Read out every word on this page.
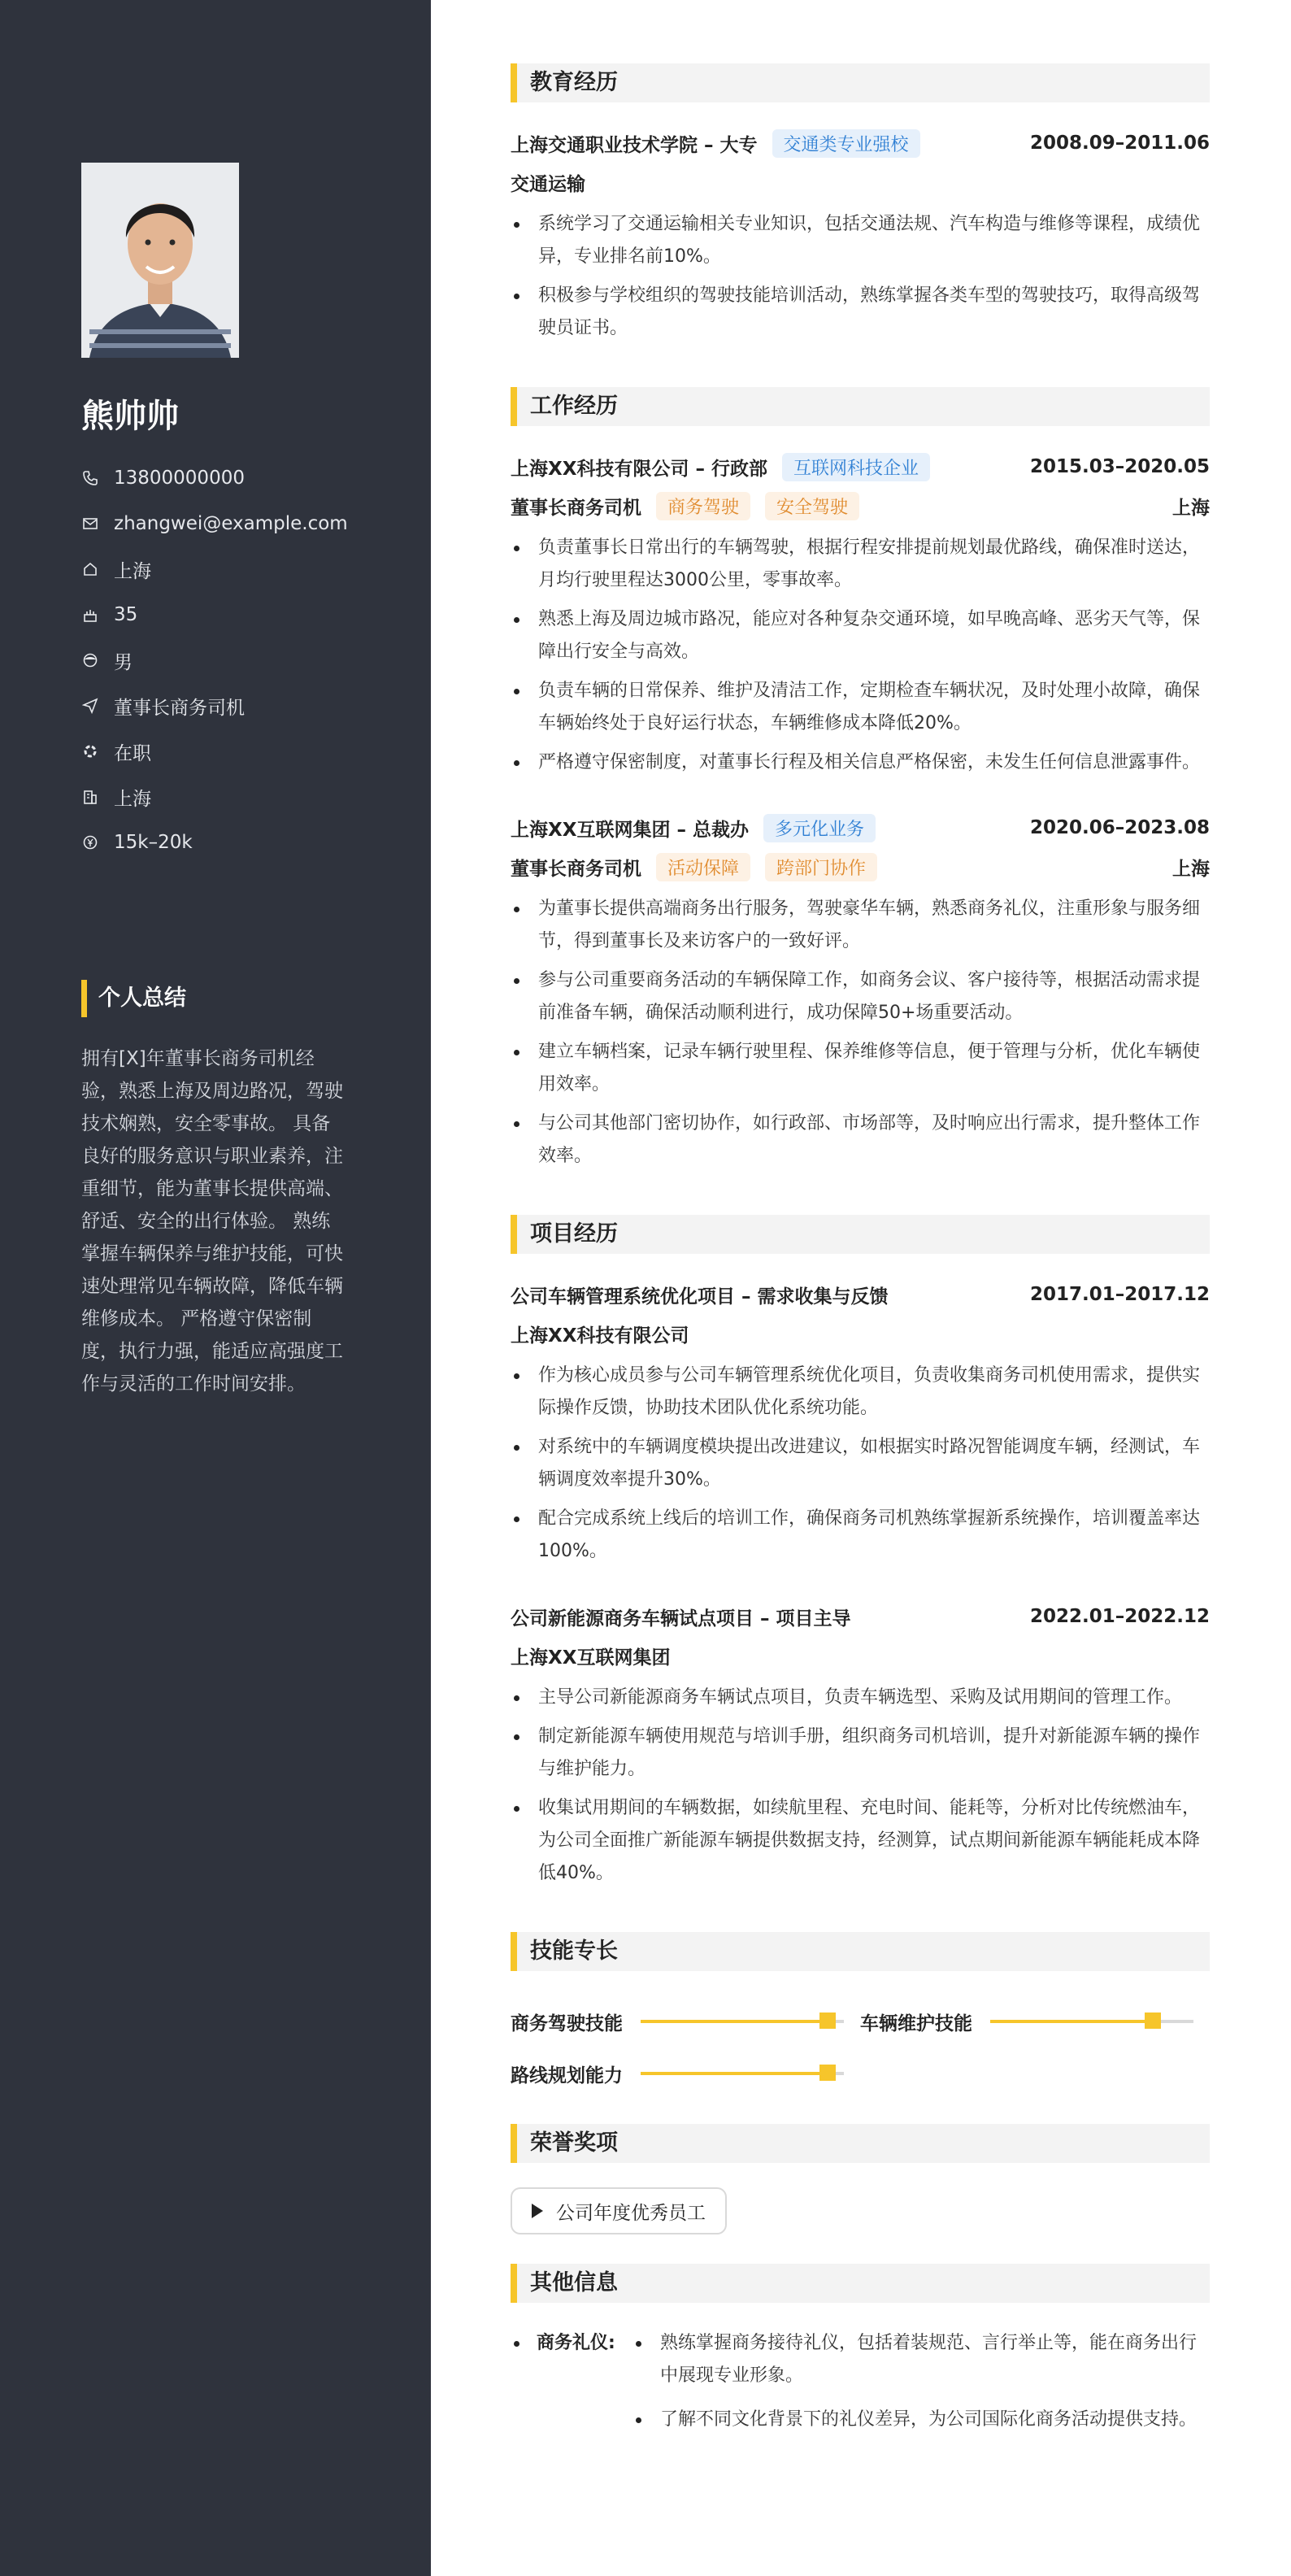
熊帅帅
13800000000
zhangwei@example.com
上海
35
男
董事长商务司机
在职
上海
15k–20k
个人总结
拥有[X]年董事长商务司机经验，熟悉上海及周边路况，驾驶技术娴熟，安全零事故。 具备良好的服务意识与职业素养，注重细节，能为董事长提供高端、舒适、安全的出行体验。 熟练掌握车辆保养与维护技能，可快速处理常见车辆故障，降低车辆维修成本。 严格遵守保密制度，执行力强，能适应高强度工作与灵活的工作时间安排。
教育经历
上海交通职业技术学院 – 大专	交通类专业强校	2008.09–2011.06
交通运输
系统学习了交通运输相关专业知识，包括交通法规、汽车构造与维修等课程，成绩优异，专业排名前10%。
积极参与学校组织的驾驶技能培训活动，熟练掌握各类车型的驾驶技巧，取得高级驾驶员证书。
工作经历
上海XX科技有限公司 – 行政部	互联网科技企业	2015.03–2020.05
董事长商务司机	商务驾驶	安全驾驶	上海
负责董事长日常出行的车辆驾驶，根据行程安排提前规划最优路线，确保准时送达，月均行驶里程达3000公里，零事故率。
熟悉上海及周边城市路况，能应对各种复杂交通环境，如早晚高峰、恶劣天气等，保障出行安全与高效。
负责车辆的日常保养、维护及清洁工作，定期检查车辆状况，及时处理小故障，确保车辆始终处于良好运行状态，车辆维修成本降低20%。
严格遵守保密制度，对董事长行程及相关信息严格保密，未发生任何信息泄露事件。
上海XX互联网集团 – 总裁办	多元化业务	2020.06–2023.08
董事长商务司机	活动保障	跨部门协作	上海
为董事长提供高端商务出行服务，驾驶豪华车辆，熟悉商务礼仪，注重形象与服务细节，得到董事长及来访客户的一致好评。
参与公司重要商务活动的车辆保障工作，如商务会议、客户接待等，根据活动需求提前准备车辆，确保活动顺利进行，成功保障50+场重要活动。
建立车辆档案，记录车辆行驶里程、保养维修等信息，便于管理与分析，优化车辆使用效率。
与公司其他部门密切协作，如行政部、市场部等，及时响应出行需求，提升整体工作效率。
项目经历
公司车辆管理系统优化项目 – 需求收集与反馈	2017.01–2017.12
上海XX科技有限公司
作为核心成员参与公司车辆管理系统优化项目，负责收集商务司机使用需求，提供实际操作反馈，协助技术团队优化系统功能。
对系统中的车辆调度模块提出改进建议，如根据实时路况智能调度车辆，经测试，车辆调度效率提升30%。
配合完成系统上线后的培训工作，确保商务司机熟练掌握新系统操作，培训覆盖率达100%。
公司新能源商务车辆试点项目 – 项目主导	2022.01–2022.12
上海XX互联网集团
主导公司新能源商务车辆试点项目，负责车辆选型、采购及试用期间的管理工作。
制定新能源车辆使用规范与培训手册，组织商务司机培训，提升对新能源车辆的操作与维护能力。
收集试用期间的车辆数据，如续航里程、充电时间、能耗等，分析对比传统燃油车，为公司全面推广新能源车辆提供数据支持，经测算，试点期间新能源车辆能耗成本降低40%。
技能专长
商务驾驶技能	车辆维护技能
路线规划能力
荣誉奖项
公司年度优秀员工
其他信息
商务礼仪:	熟练掌握商务接待礼仪，包括着装规范、言行举止等，能在商务出行中展现专业形象。
了解不同文化背景下的礼仪差异，为公司国际化商务活动提供支持。
